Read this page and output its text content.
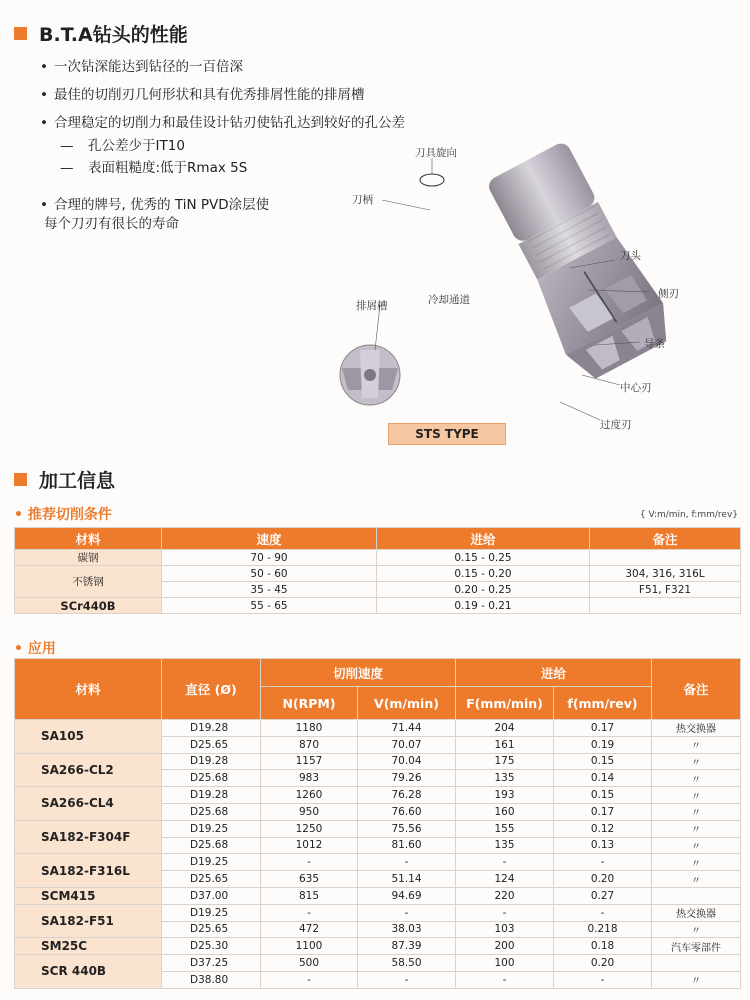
B.T.A钻头的性能
• 一次钻深能达到钻径的一百倍深
• 最佳的切削刃几何形状和具有优秀排屑性能的排屑槽
• 合理稳定的切削力和最佳设计钻刃使钻孔达到较好的孔公差
— 孔公差少于IT10
— 表面粗糙度:低于Rmax 5S
• 合理的牌号, 优秀的 TiN PVD涂层使
每个刀刃有很长的寿命
刀具旋向
刀柄
刀头
侧刃
排屑槽	冷却通道
导条
中心刃
过度刃
STS TYPE
加工信息
• 推荐切削条件	{ V:m/min, f:mm/rev}
材料	速度	进给	备注
碳钢	70 - 90	0.15 - 0.25	
不锈钢	50 - 60	0.15 - 0.20	304, 316, 316L
	35 - 45	0.20 - 0.25	F51, F321
SCr440B	55 - 65	0.19 - 0.21	
• 应用
材料	直径 (Ø)	切削速度		进给		备注
		N(RPM)	V(m/min)	F(mm/min)	f(mm/rev)	
SA105	D19.28	1180	71.44	204	0.17	热交换器
	D25.65	870	70.07	161	0.19	〃
SA266-CL2	D19.28	1157	70.04	175	0.15	〃
	D25.68	983	79.26	135	0.14	〃
SA266-CL4	D19.28	1260	76.28	193	0.15	〃
	D25.68	950	76.60	160	0.17	〃
SA182-F304F	D19.25	1250	75.56	155	0.12	〃
	D25.68	1012	81.60	135	0.13	〃
SA182-F316L	D19.25	-	-	-	-	〃
	D25.65	635	51.14	124	0.20	〃
SCM415	D37.00	815	94.69	220	0.27	
SA182-F51	D19.25	-	-	-	-	热交换器
	D25.65	472	38.03	103	0.218	〃
SM25C	D25.30	1100	87.39	200	0.18	汽车零部件
SCR 440B	D37.25	500	58.50	100	0.20	
	D38.80	-	-	-	-	〃
